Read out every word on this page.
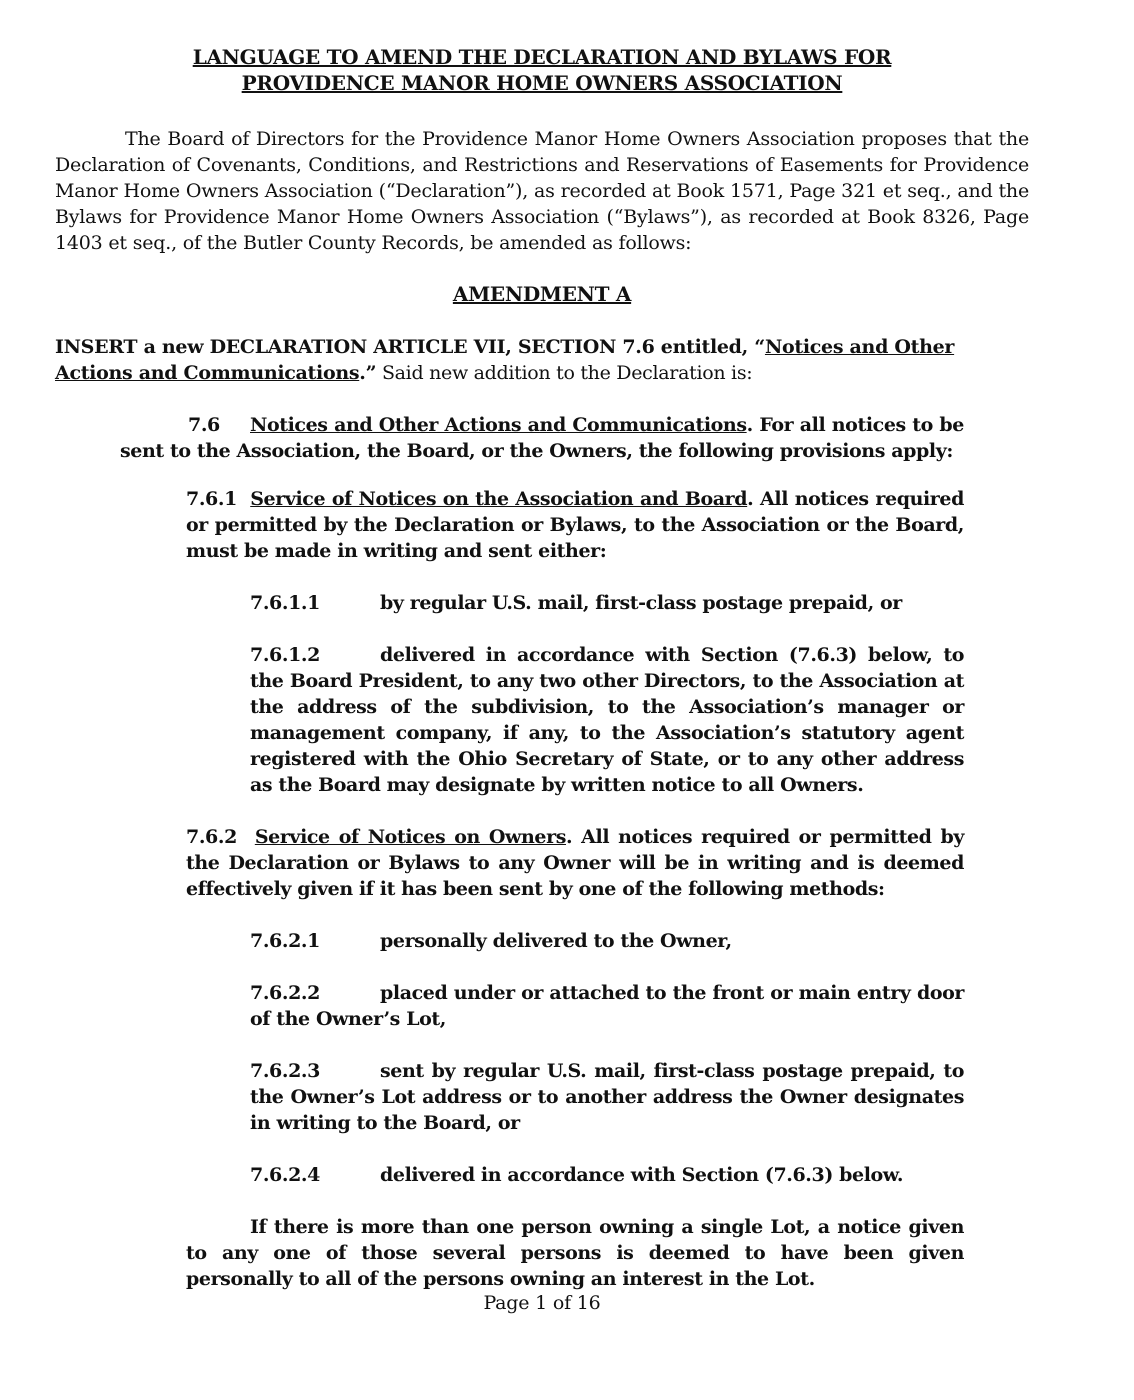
LANGUAGE TO AMEND THE DECLARATION AND BYLAWS FOR
PROVIDENCE MANOR HOME OWNERS ASSOCIATION
The Board of Directors for the Providence Manor Home Owners Association proposes that the Declaration of Covenants, Conditions, and Restrictions and Reservations of Easements for Providence Manor Home Owners Association (“Declaration”), as recorded at Book 1571, Page 321 et seq., and the Bylaws for Providence Manor Home Owners Association (“Bylaws”), as recorded at Book 8326, Page 1403 et seq., of the Butler County Records, be amended as follows:
AMENDMENT A
INSERT a new DECLARATION ARTICLE VII, SECTION 7.6 entitled, “Notices and Other Actions and Communications.” Said new addition to the Declaration is:
7.6 Notices and Other Actions and Communications. For all notices to be sent to the Association, the Board, or the Owners, the following provisions apply:
7.6.1 Service of Notices on the Association and Board. All notices required or permitted by the Declaration or Bylaws, to the Association or the Board, must be made in writing and sent either:
7.6.1.1	by regular U.S. mail, first-class postage prepaid, or
7.6.1.2	delivered in accordance with Section (7.6.3) below, to the Board President, to any two other Directors, to the Association at the address of the subdivision, to the Association’s manager or management company, if any, to the Association’s statutory agent registered with the Ohio Secretary of State, or to any other address as the Board may designate by written notice to all Owners.
7.6.2 Service of Notices on Owners. All notices required or permitted by the Declaration or Bylaws to any Owner will be in writing and is deemed effectively given if it has been sent by one of the following methods:
7.6.2.1	personally delivered to the Owner,
7.6.2.2	placed under or attached to the front or main entry door of the Owner’s Lot,
7.6.2.3	sent by regular U.S. mail, first-class postage prepaid, to the Owner’s Lot address or to another address the Owner designates in writing to the Board, or
7.6.2.4	delivered in accordance with Section (7.6.3) below.
If there is more than one person owning a single Lot, a notice given to any one of those several persons is deemed to have been given personally to all of the persons owning an interest in the Lot.
Page 1 of 16
